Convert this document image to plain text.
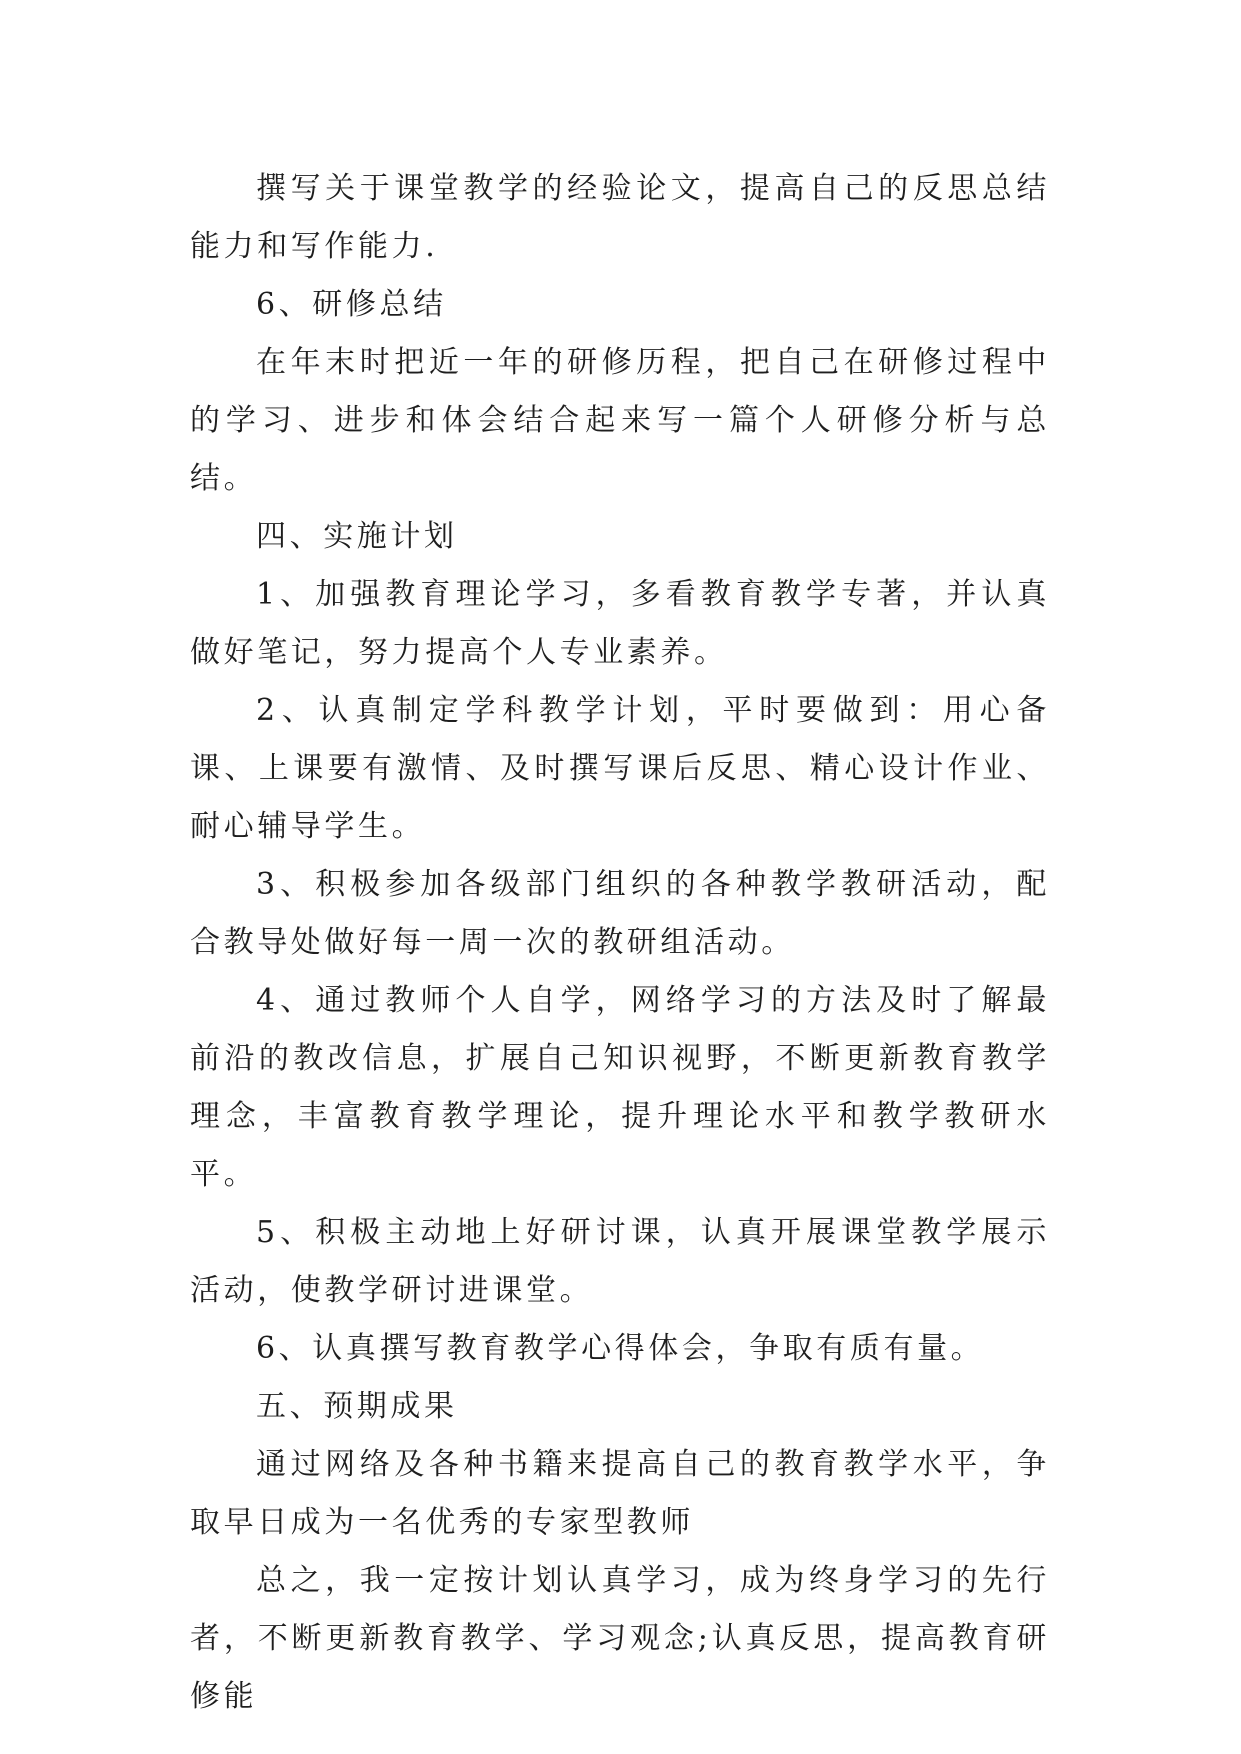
撰写关于课堂教学的经验论文，提高自己的反思总结能力和写作能力.

6、研修总结

在年末时把近一年的研修历程，把自己在研修过程中的学习、进步和体会结合起来写一篇个人研修分析与总结。

四、实施计划

1、加强教育理论学习，多看教育教学专著，并认真做好笔记，努力提高个人专业素养。

2、认真制定学科教学计划，平时要做到：用心备课、上课要有激情、及时撰写课后反思、精心设计作业、耐心辅导学生。

3、积极参加各级部门组织的各种教学教研活动，配合教导处做好每一周一次的教研组活动。

4、通过教师个人自学，网络学习的方法及时了解最前沿的教改信息，扩展自己知识视野，不断更新教育教学理念，丰富教育教学理论，提升理论水平和教学教研水平。

5、积极主动地上好研讨课，认真开展课堂教学展示活动，使教学研讨进课堂。

6、认真撰写教育教学心得体会，争取有质有量。

五、预期成果

通过网络及各种书籍来提高自己的教育教学水平，争取早日成为一名优秀的专家型教师

总之，我一定按计划认真学习，成为终身学习的先行者，不断更新教育教学、学习观念;认真反思，提高教育研修能
